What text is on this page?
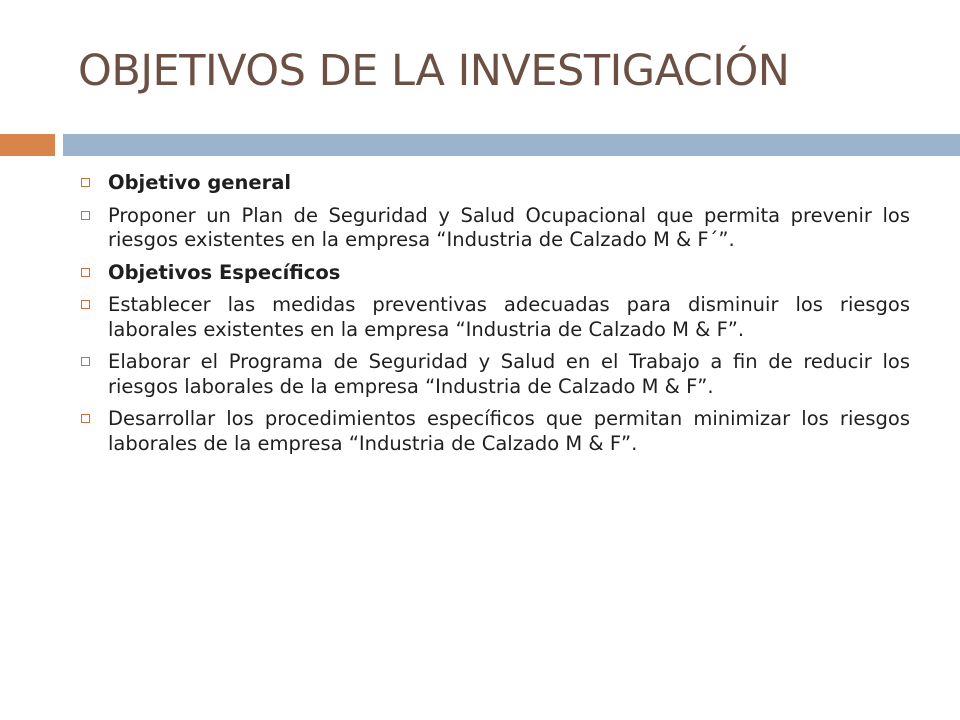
OBJETIVOS DE LA INVESTIGACIÓN
Objetivo general
Proponer un Plan de Seguridad y Salud Ocupacional que permita prevenir los riesgos existentes en la empresa “Industria de Calzado M & F´”.
Objetivos Específicos
Establecer las medidas preventivas adecuadas para disminuir los riesgos laborales existentes en la empresa “Industria de Calzado M & F”.
Elaborar el Programa de Seguridad y Salud en el Trabajo a fin de reducir los riesgos laborales de la empresa “Industria de Calzado M & F”.
Desarrollar los procedimientos específicos que permitan minimizar los riesgos laborales de la empresa “Industria de Calzado M & F”.
